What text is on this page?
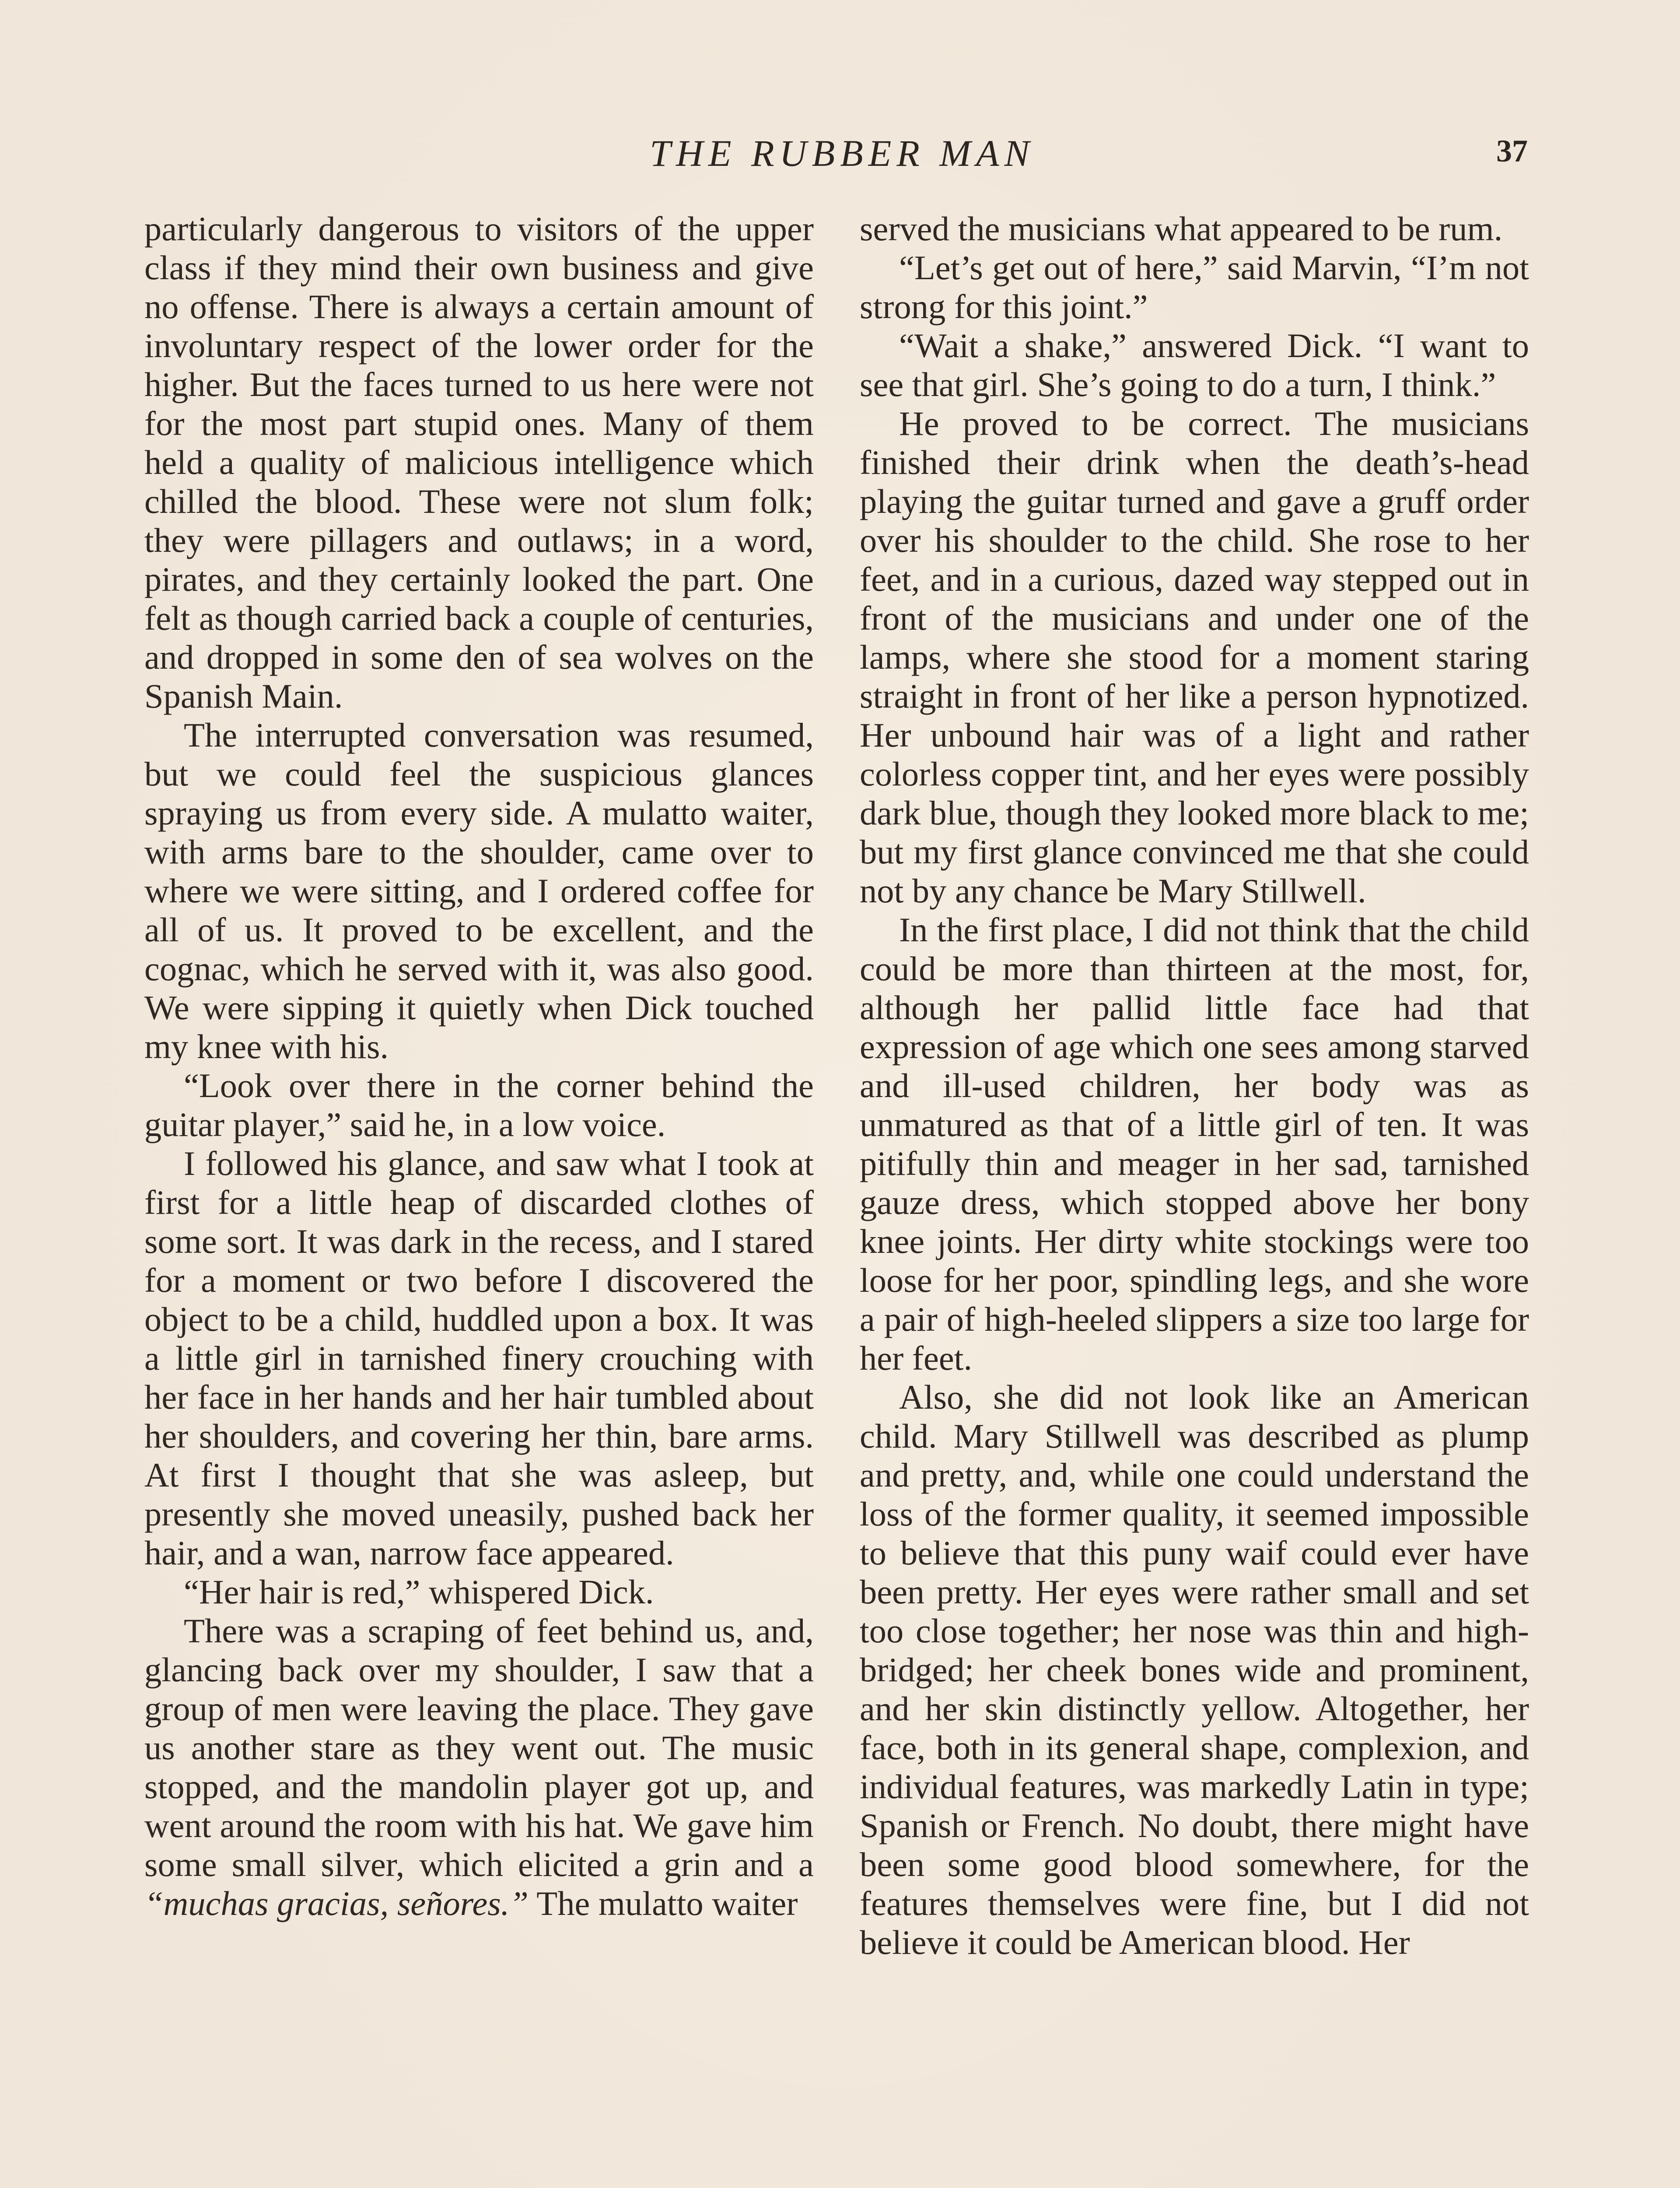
THE RUBBER MAN	37

particularly dangerous to visitors of the upper class if they mind their own business and give no offense. There is always a certain amount of involuntary respect of the lower order for the higher. But the faces turned to us here were not for the most part stupid ones. Many of them held a quality of malicious intelligence which chilled the blood. These were not slum folk; they were pillagers and outlaws; in a word, pirates, and they certainly looked the part. One felt as though carried back a couple of centuries, and dropped in some den of sea wolves on the Spanish Main.

The interrupted conversation was resumed, but we could feel the suspicious glances spraying us from every side. A mulatto waiter, with arms bare to the shoulder, came over to where we were sitting, and I ordered coffee for all of us. It proved to be excellent, and the cognac, which he served with it, was also good. We were sipping it quietly when Dick touched my knee with his.

“Look over there in the corner behind the guitar player,” said he, in a low voice.

I followed his glance, and saw what I took at first for a little heap of discarded clothes of some sort. It was dark in the recess, and I stared for a moment or two before I discovered the object to be a child, huddled upon a box. It was a little girl in tarnished finery crouching with her face in her hands and her hair tumbled about her shoulders, and covering her thin, bare arms. At first I thought that she was asleep, but presently she moved uneasily, pushed back her hair, and a wan, narrow face appeared.

“Her hair is red,” whispered Dick.

There was a scraping of feet behind us, and, glancing back over my shoulder, I saw that a group of men were leaving the place. They gave us another stare as they went out. The music stopped, and the mandolin player got up, and went around the room with his hat. We gave him some small silver, which elicited a grin and a “muchas gracias, señores.” The mulatto waiter

served the musicians what appeared to be rum.

“Let’s get out of here,” said Marvin, “I’m not strong for this joint.”

“Wait a shake,” answered Dick. “I want to see that girl. She’s going to do a turn, I think.”

He proved to be correct. The musicians finished their drink when the death’s-head playing the guitar turned and gave a gruff order over his shoulder to the child. She rose to her feet, and in a curious, dazed way stepped out in front of the musicians and under one of the lamps, where she stood for a moment staring straight in front of her like a person hypnotized. Her unbound hair was of a light and rather colorless copper tint, and her eyes were possibly dark blue, though they looked more black to me; but my first glance convinced me that she could not by any chance be Mary Stillwell.

In the first place, I did not think that the child could be more than thirteen at the most, for, although her pallid little face had that expression of age which one sees among starved and ill-used children, her body was as unmatured as that of a little girl of ten. It was pitifully thin and meager in her sad, tarnished gauze dress, which stopped above her bony knee joints. Her dirty white stockings were too loose for her poor, spindling legs, and she wore a pair of high-heeled slippers a size too large for her feet.

Also, she did not look like an American child. Mary Stillwell was described as plump and pretty, and, while one could understand the loss of the former quality, it seemed impossible to believe that this puny waif could ever have been pretty. Her eyes were rather small and set too close together; her nose was thin and high-bridged; her cheek bones wide and prominent, and her skin distinctly yellow. Altogether, her face, both in its general shape, complexion, and individual features, was markedly Latin in type; Spanish or French. No doubt, there might have been some good blood somewhere, for the features themselves were fine, but I did not believe it could be American blood. Her
